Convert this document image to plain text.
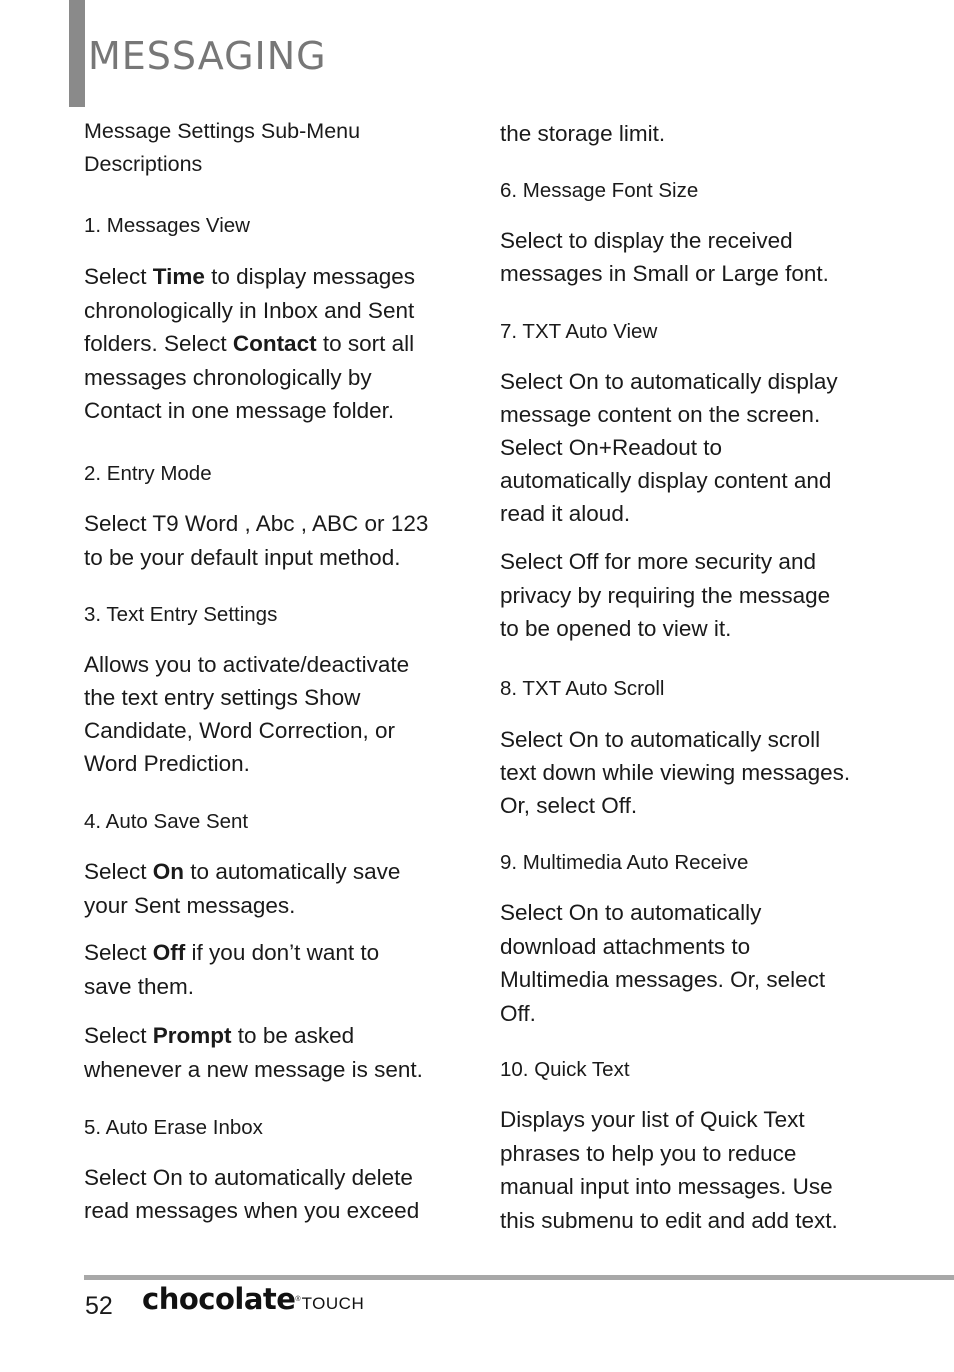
MESSAGING
Message Settings Sub-Menu
Descriptions
1. Messages View
Select Time to display messages
chronologically in Inbox and Sent
folders. Select Contact to sort all
messages chronologically by
Contact in one message folder.
2. Entry Mode
Select T9 Word , Abc , ABC or 123
to be your default input method.
3. Text Entry Settings
Allows you to activate/deactivate
the text entry settings Show
Candidate, Word Correction, or
Word Prediction.
4. Auto Save Sent
Select On to automatically save
your Sent messages.
Select Off if you don’t want to
save them.
Select Prompt to be asked
whenever a new message is sent.
5. Auto Erase Inbox
Select On to automatically delete
read messages when you exceed
the storage limit.
6. Message Font Size
Select to display the received
messages in Small or Large font.
7. TXT Auto View
Select On to automatically display
message content on the screen.
Select On+Readout to
automatically display content and
read it aloud.
Select Off for more security and
privacy by requiring the message
to be opened to view it.
8. TXT Auto Scroll
Select On to automatically scroll
text down while viewing messages.
Or, select Off.
9. Multimedia Auto Receive
Select On to automatically
download attachments to
Multimedia messages. Or, select
Off.
10. Quick Text
Displays your list of Quick Text
phrases to help you to reduce
manual input into messages. Use
this submenu to edit and add text.
52 chocolate®TOUCH
